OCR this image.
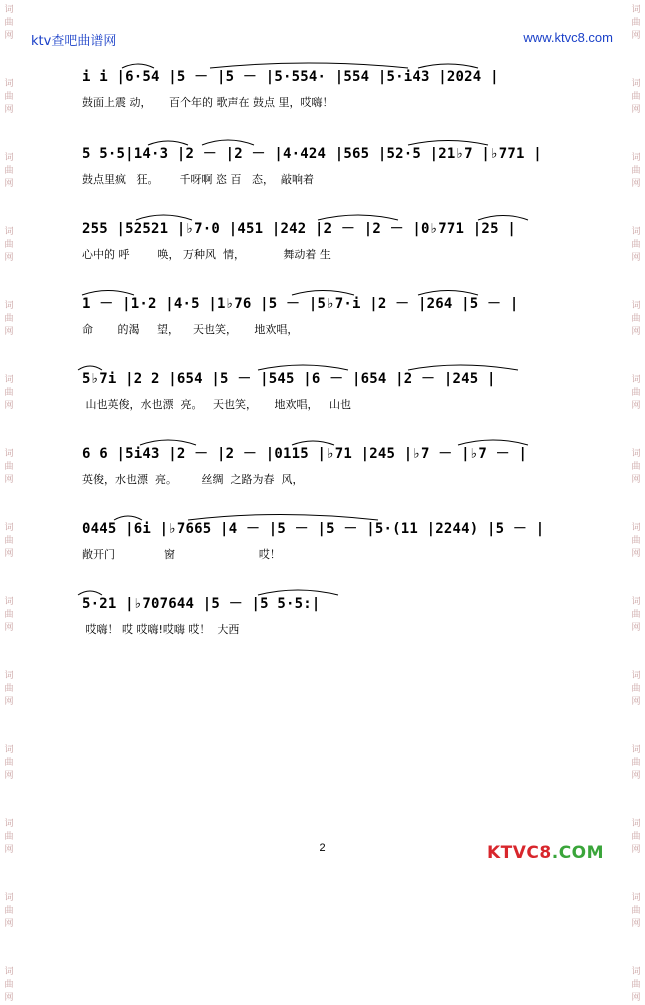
词
曲
网
词
曲
网
词
曲
网
词
曲
网
词
曲
网
词
曲
网
词
曲
网
词
曲
网
词
曲
网
词
曲
网
词
曲
网
词
曲
网
词
曲
网
词
曲
网
词
曲
网
词
曲
网
词
曲
网
词
曲
网
词
曲
网
词
曲
网
词
曲
网
词
曲
网
词
曲
网
词
曲
网
词
曲
网
词
曲
网
词
曲
网
词
曲
网
ktv查吧曲谱网	www.ktvc8.com
i i |6·54 |5 － |5 － |5·554· |554 |5·i43 |2024 |
鼓面上震 动，     百个年的 歌声在 鼓点 里，哎嗨！
5 5·5|14·3 |2 － |2 － |4·424 |565 |52·5 |21♭7 |♭771 |
鼓点里疯   狂。      千呀啊 恣 百   态，  敲响着
255 |52521 |♭7·0 |451 |242 |2 － |2 － |0♭771 |25 |
心中的 呼        唤， 万种风  情，           舞动着 生
1 － |1·2 |4·5 |1♭76 |5 － |5♭7·i |2 － |264 |5 － |
命       的渴     望，    天也笑，     地欢唱，
5♭7i |2 2 |654 |5 － |545 |6 － |654 |2 － |245 |
山也英俊，水也漂  亮。   天也笑，     地欢唱，   山也
6 6 |5i43 |2 － |2 － |0115 |♭71 |245 |♭7 － |♭7 － |
英俊，水也漂  亮。       丝绸  之路为春  风，
0445 |6i |♭7665 |4 － |5 － |5 － |5·(11 |2244) |5 － |
敞开门              窗                        哎！
5·21 |♭707644 |5 － |5 5·5:|
哎嗨！ 哎 哎嗨!哎嗨 哎！  大西
2	KTVC8.COM
